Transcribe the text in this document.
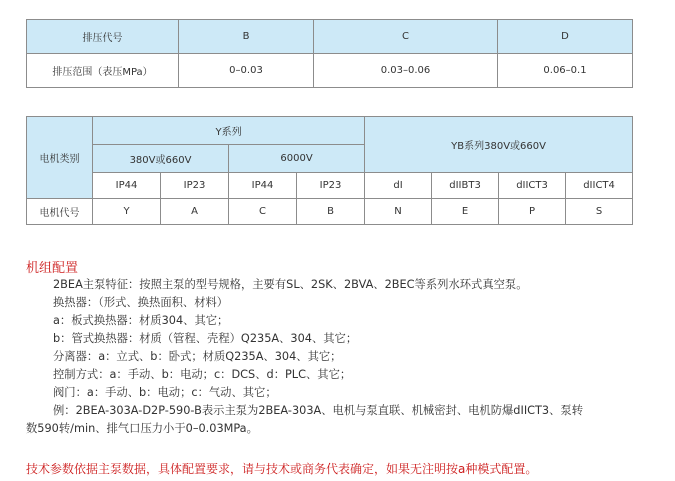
排压代号	B	C	D
排压范围（表压MPa）	0–0.03	0.03–0.06	0.06–0.1
电机类别	Y系列				YB系列380V或660V			
	380V或660V		6000V					
	IP44	IP23	IP44	IP23	dI	dIIBT3	dIICT3	dIICT4
电机代号	Y	A	C	B	N	E	P	S
机组配置
2BEA主泵特征：按照主泵的型号规格，主要有SL、2SK、2BVA、2BEC等系列水环式真空泵。
换热器：（形式、换热面积、材料）
a：板式换热器：材质304、其它；
b：管式换热器：材质（管程、壳程）Q235A、304、其它；
分离器：a：立式、b：卧式；材质Q235A、304、其它；
控制方式：a：手动、b：电动；c：DCS、d：PLC、其它；
阀门：a：手动、b：电动；c：气动、其它；
例：2BEA-303A-D2P-590-B表示主泵为2BEA-303A、电机与泵直联、机械密封、电机防爆dIICT3、泵转
数590转/min、排气口压力小于0–0.03MPa。
技术参数依据主泵数据，具体配置要求，请与技术或商务代表确定，如果无注明按a种模式配置。
